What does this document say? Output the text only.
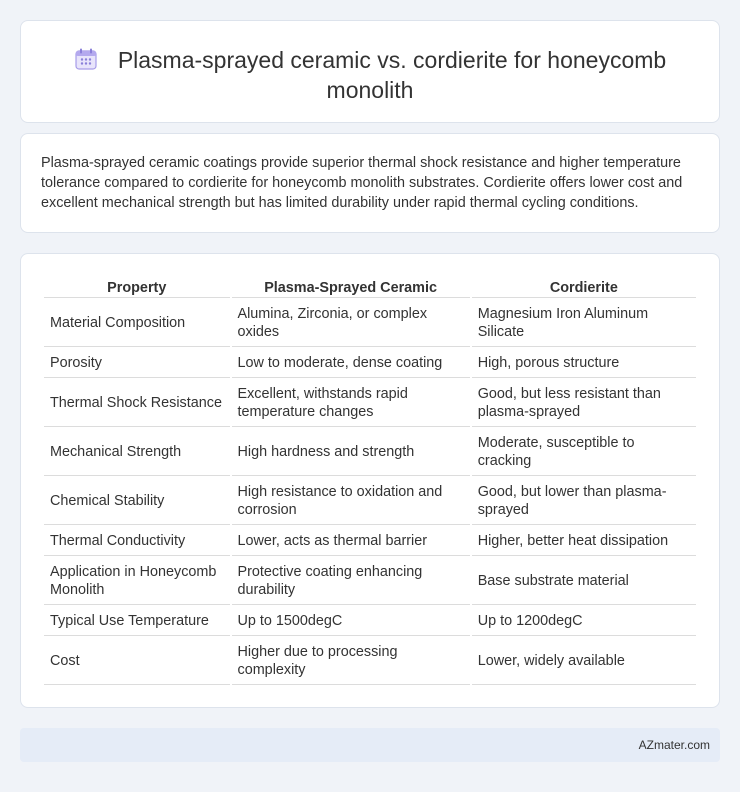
Plasma-sprayed ceramic vs. cordierite for honeycomb monolith

Plasma-sprayed ceramic coatings provide superior thermal shock resistance and higher temperature tolerance compared to cordierite for honeycomb monolith substrates. Cordierite offers lower cost and excellent mechanical strength but has limited durability under rapid thermal cycling conditions.

Property	Plasma-Sprayed Ceramic	Cordierite
Material Composition	Alumina, Zirconia, or complex oxides	Magnesium Iron Aluminum Silicate
Porosity	Low to moderate, dense coating	High, porous structure
Thermal Shock Resistance	Excellent, withstands rapid temperature changes	Good, but less resistant than plasma-sprayed
Mechanical Strength	High hardness and strength	Moderate, susceptible to cracking
Chemical Stability	High resistance to oxidation and corrosion	Good, but lower than plasma-sprayed
Thermal Conductivity	Lower, acts as thermal barrier	Higher, better heat dissipation
Application in Honeycomb Monolith	Protective coating enhancing durability	Base substrate material
Typical Use Temperature	Up to 1500degC	Up to 1200degC
Cost	Higher due to processing complexity	Lower, widely available
AZmater.com
